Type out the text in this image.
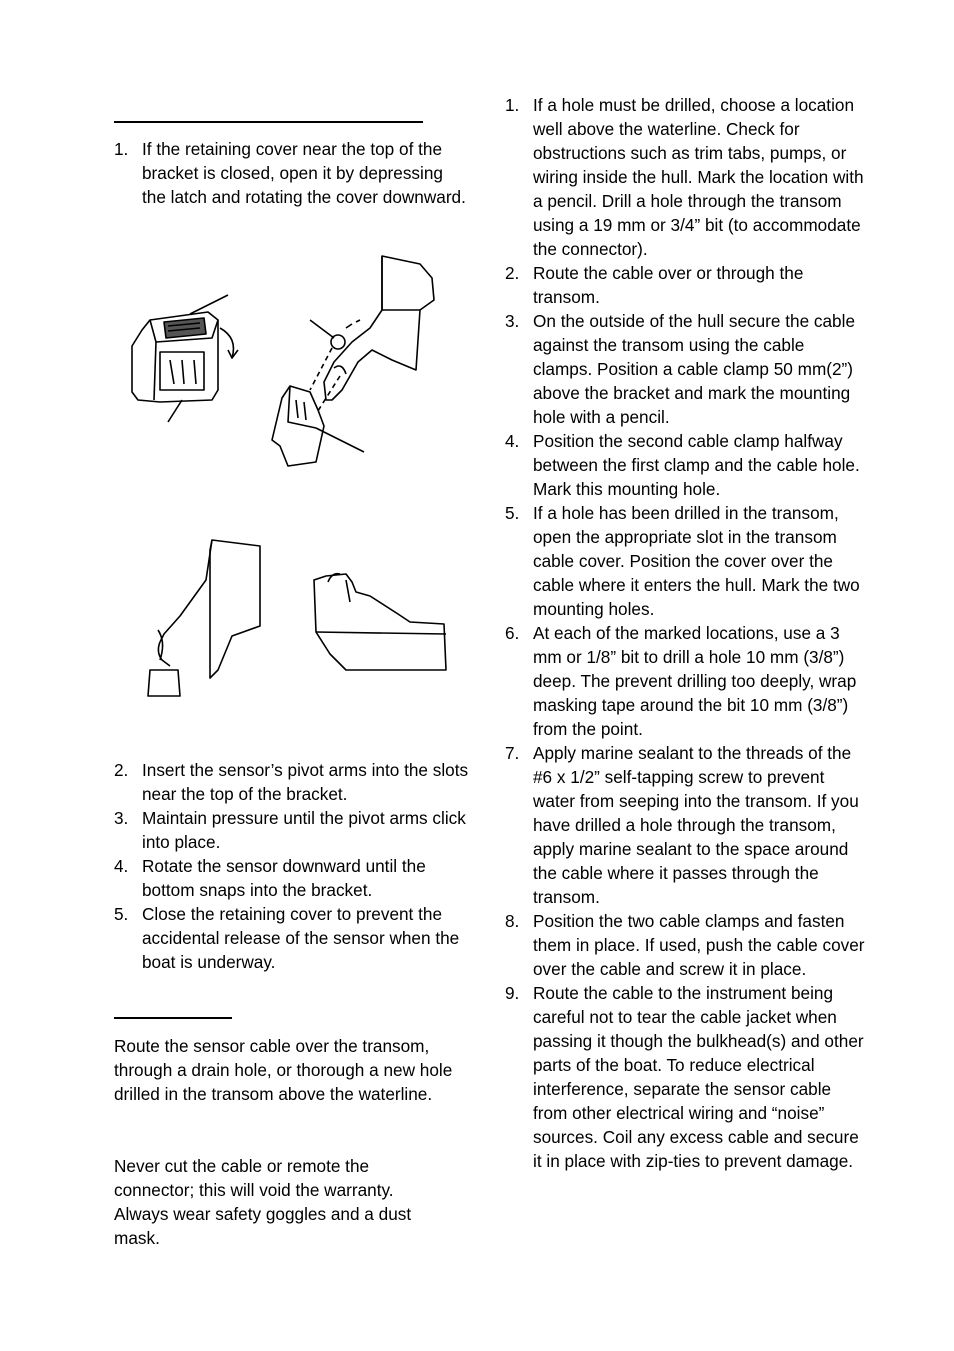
1. If the retaining cover near the top of the bracket is closed, open it by depressing the latch and rotating the cover downward.
2. Insert the sensor’s pivot arms into the slots near the top of the bracket.
3. Maintain pressure until the pivot arms click into place.
4. Rotate the sensor downward until the bottom snaps into the bracket.
5. Close the retaining cover to prevent the accidental release of the sensor when the boat is underway.

Route the sensor cable over the transom, through a drain hole, or thorough a new hole drilled in the transom above the waterline.

Never cut the cable or remote the connector; this will void the warranty. Always wear safety goggles and a dust mask.

1. If a hole must be drilled, choose a location well above the waterline. Check for obstructions such as trim tabs, pumps, or wiring inside the hull. Mark the location with a pencil. Drill a hole through the transom using a 19 mm or 3/4” bit (to accommodate the connector).
2. Route the cable over or through the transom.
3. On the outside of the hull secure the cable against the transom using the cable clamps. Position a cable clamp 50 mm(2”) above the bracket and mark the mounting hole with a pencil.
4. Position the second cable clamp halfway between the first clamp and the cable hole. Mark this mounting hole.
5. If a hole has been drilled in the transom, open the appropriate slot in the transom cable cover. Position the cover over the cable where it enters the hull. Mark the two mounting holes.
6. At each of the marked locations, use a 3 mm or 1/8” bit to drill a hole 10 mm (3/8”) deep. The prevent drilling too deeply, wrap masking tape around the bit 10 mm (3/8”) from the point.
7. Apply marine sealant to the threads of the #6 x 1/2” self-tapping screw to prevent water from seeping into the transom. If you have drilled a hole through the transom, apply marine sealant to the space around the cable where it passes through the transom.
8. Position the two cable clamps and fasten them in place. If used, push the cable cover over the cable and screw it in place.
9. Route the cable to the instrument being careful not to tear the cable jacket when passing it though the bulkhead(s) and other parts of the boat. To reduce electrical interference, separate the sensor cable from other electrical wiring and “noise” sources. Coil any excess cable and secure it in place with zip-ties to prevent damage.
